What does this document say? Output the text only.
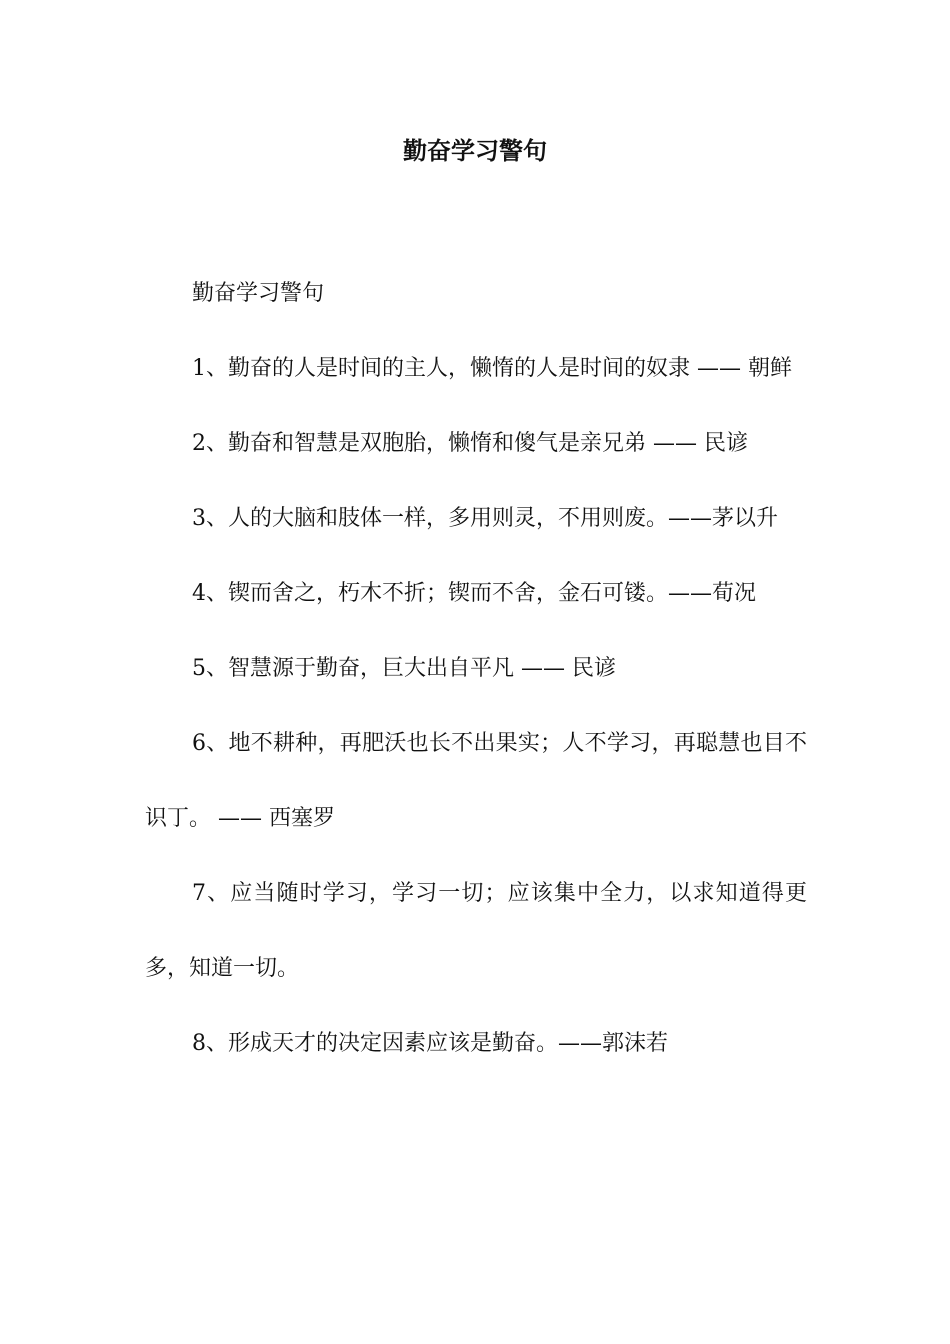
勤奋学习警句

勤奋学习警句

1、勤奋的人是时间的主人，懒惰的人是时间的奴隶 —— 朝鲜

2、勤奋和智慧是双胞胎，懒惰和傻气是亲兄弟 —— 民谚

3、人的大脑和肢体一样，多用则灵，不用则废。——茅以升

4、锲而舍之，朽木不折；锲而不舍，金石可镂。——荀况

5、智慧源于勤奋，巨大出自平凡 —— 民谚

6、地不耕种，再肥沃也长不出果实；人不学习，再聪慧也目不识丁。 —— 西塞罗

7、应当随时学习，学习一切；应该集中全力，以求知道得更多，知道一切。

8、形成天才的决定因素应该是勤奋。——郭沫若
